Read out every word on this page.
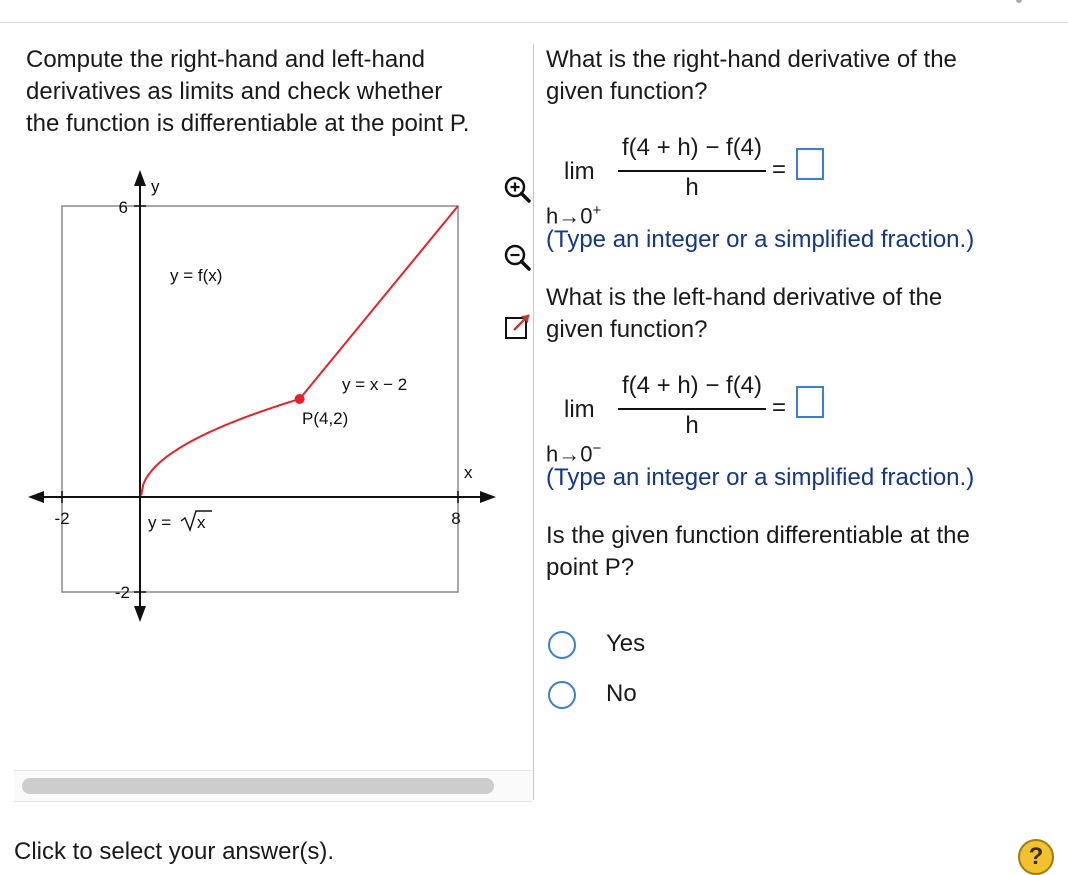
Compute the right-hand and left-hand
derivatives as limits and check whether
the function is differentiable at the point P.
6
-2
-2	8
y
x
y = f(x)
y = x − 2
P(4,2)
y = x
What is the right-hand derivative of the
given function?
lim
h→0+
f(4 + h) − f(4)
h
=
(Type an integer or a simplified fraction.)
What is the left-hand derivative of the
given function?
lim
h→0−
f(4 + h) − f(4)
h
=
(Type an integer or a simplified fraction.)
Is the given function differentiable at the
point P?
Yes
No
Click to select your answer(s).	?
